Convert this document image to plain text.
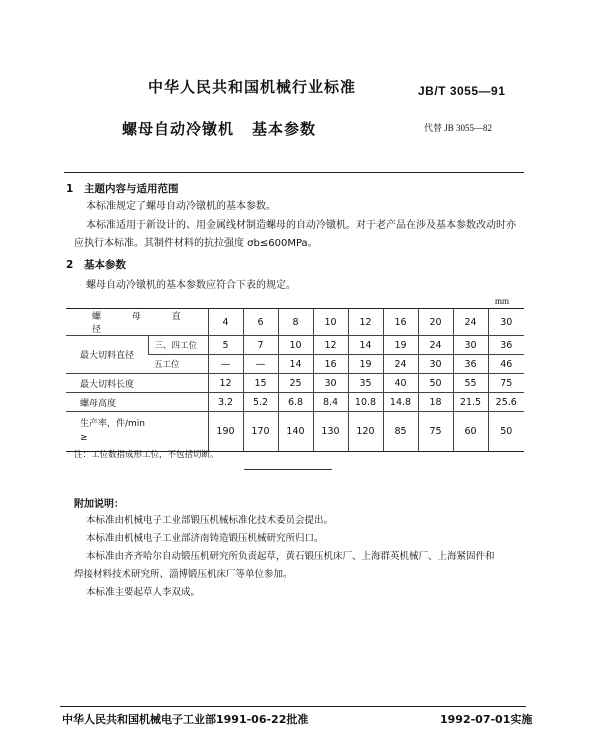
中华人民共和国机械行业标准	JB/T 3055—91
螺母自动冷镦机 基本参数	代替 JB 3055—82
1 主题内容与适用范围
本标准规定了螺母自动冷镦机的基本参数。
本标准适用于新设计的、用金属线材制造螺母的自动冷镦机。对于老产品在涉及基本参数改动时亦
应执行本标准。其制件材料的抗拉强度 σb≤600MPa。
2 基本参数
螺母自动冷镦机的基本参数应符合下表的规定。
mm
螺 母 直 径		4	6	8	10	12	16	20	24	30
最大切料直径	三、四工位	5	7	10	12	14	19	24	30	36
	五工位	—	—	14	16	19	24	30	36	46
最大切料长度		12	15	25	30	35	40	50	55	75
螺母高度		3.2	5.2	6.8	8.4	10.8	14.8	18	21.5	25.6
生产率，件/min
≥		190	170	140	130	120	85	75	60	50
注：工位数指成形工位，不包括切断。
附加说明：
本标准由机械电子工业部锻压机械标准化技术委员会提出。
本标准由机械电子工业部济南铸造锻压机械研究所归口。
本标准由齐齐哈尔自动锻压机研究所负责起草，黄石锻压机床厂、上海群英机械厂、上海紧固件和
焊接材料技术研究所、淄博锻压机床厂等单位参加。
本标准主要起草人李双成。
中华人民共和国机械电子工业部1991-06-22批准	1992-07-01实施
